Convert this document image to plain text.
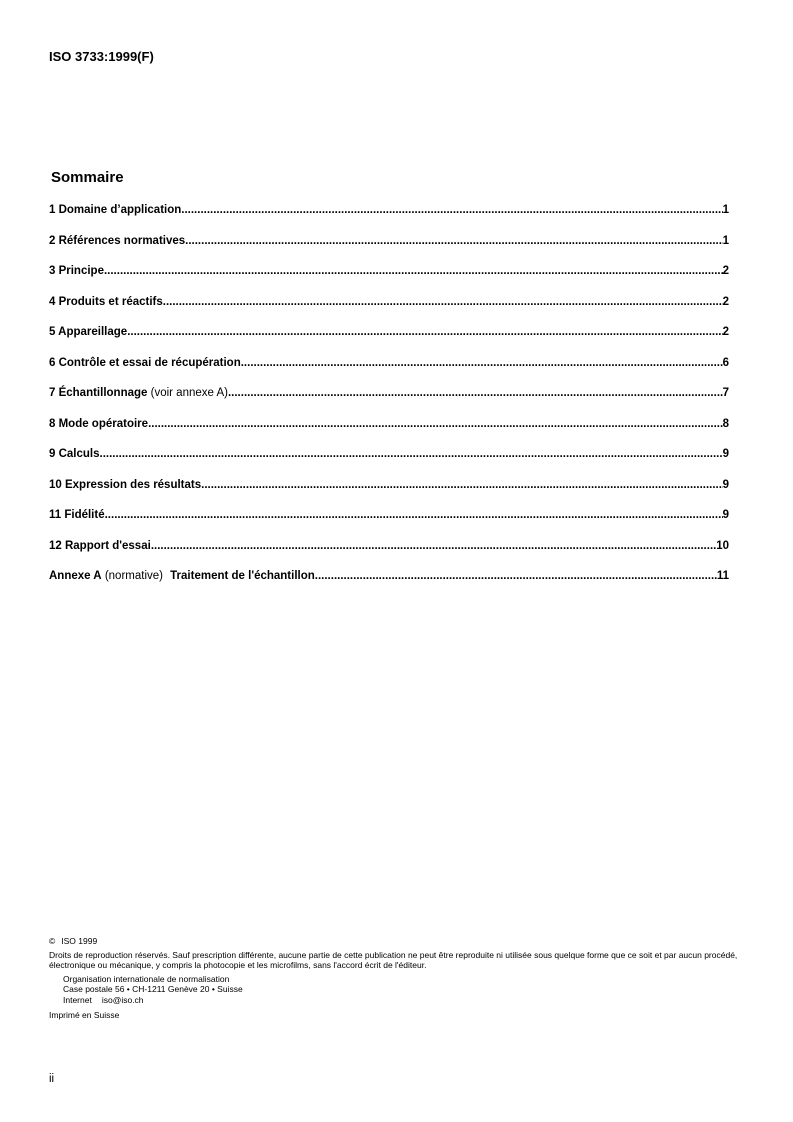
ISO 3733:1999(F)

Sommaire
1 Domaine d’application .....	1
2 Références normatives .....	1
3 Principe .....	2
4 Produits et réactifs .....	2
5 Appareillage .....	2
6 Contrôle et essai de récupération .....	6
7 Échantillonnage (voir annexe A) .....	7
8 Mode opératoire .....	8
9 Calculs .....	9
10 Expression des résultats .....	9
11 Fidélité .....	9
12 Rapport d'essai .....	10
Annexe A (normative) Traitement de l'échantillon .....	11

© ISO 1999

Droits de reproduction réservés. Sauf prescription différente, aucune partie de cette publication ne peut être reproduite ni utilisée sous quelque forme que ce soit et par aucun procédé, électronique ou mécanique, y compris la photocopie et les microfilms, sans l'accord écrit de l'éditeur.

Organisation internationale de normalisation

Case postale 56 • CH-1211 Genève 20 • Suisse

Internet iso@iso.ch

Imprimé en Suisse

ii
